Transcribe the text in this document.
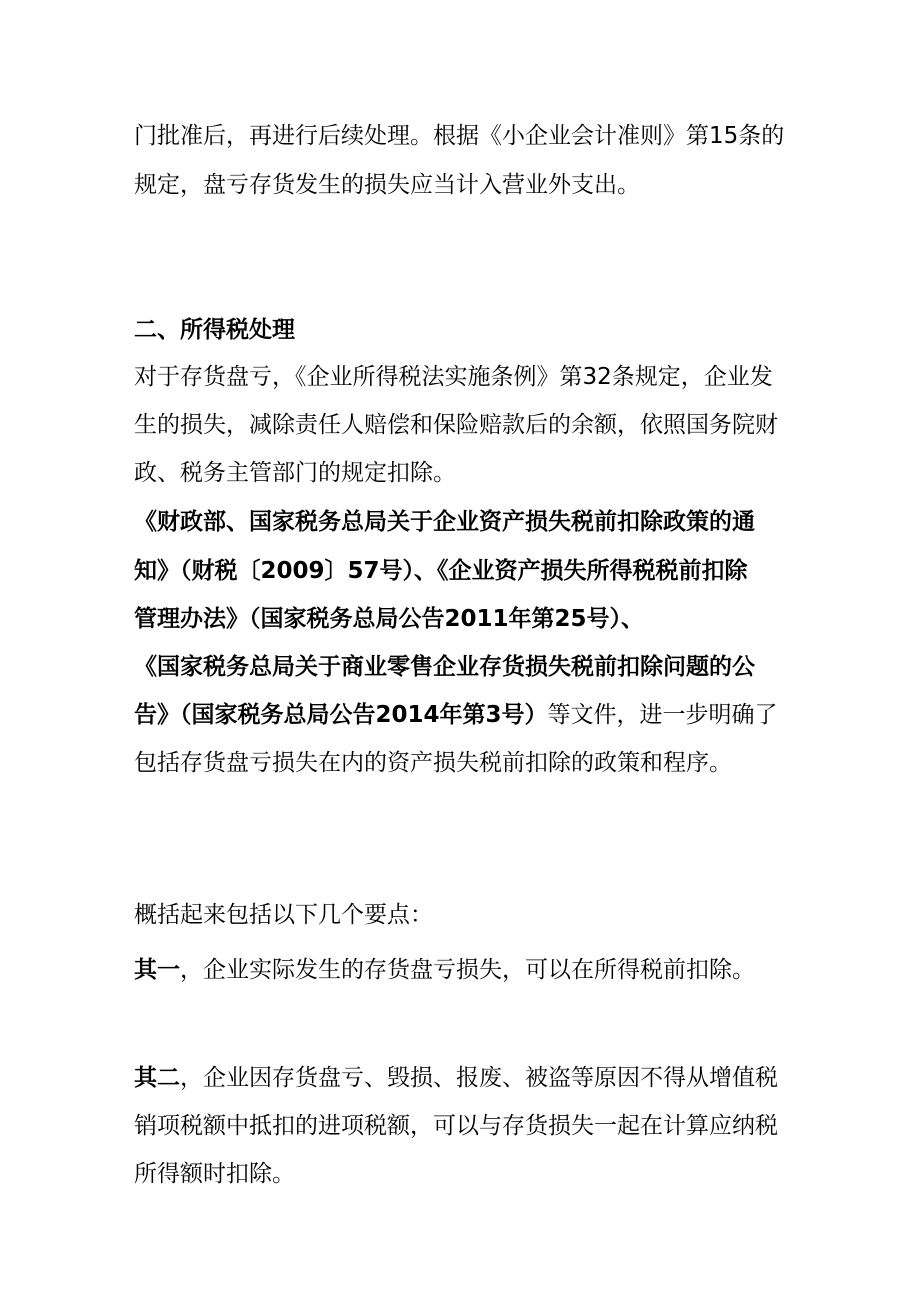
门批准后，再进行后续处理。根据《小企业会计准则》第15条的
规定，盘亏存货发生的损失应当计入营业外支出。
二、所得税处理
对于存货盘亏，《企业所得税法实施条例》第32条规定，企业发
生的损失，减除责任人赔偿和保险赔款后的余额，依照国务院财
政、税务主管部门的规定扣除。
《财政部、国家税务总局关于企业资产损失税前扣除政策的通
知》（财税〔2009〕57号）、《企业资产损失所得税税前扣除
管理办法》（国家税务总局公告2011年第25号）、
《国家税务总局关于商业零售企业存货损失税前扣除问题的公
告》（国家税务总局公告2014年第3号）等文件，进一步明确了
包括存货盘亏损失在内的资产损失税前扣除的政策和程序。
概括起来包括以下几个要点：
其一，企业实际发生的存货盘亏损失，可以在所得税前扣除。
其二，企业因存货盘亏、毁损、报废、被盗等原因不得从增值税
销项税额中抵扣的进项税额，可以与存货损失一起在计算应纳税
所得额时扣除。
